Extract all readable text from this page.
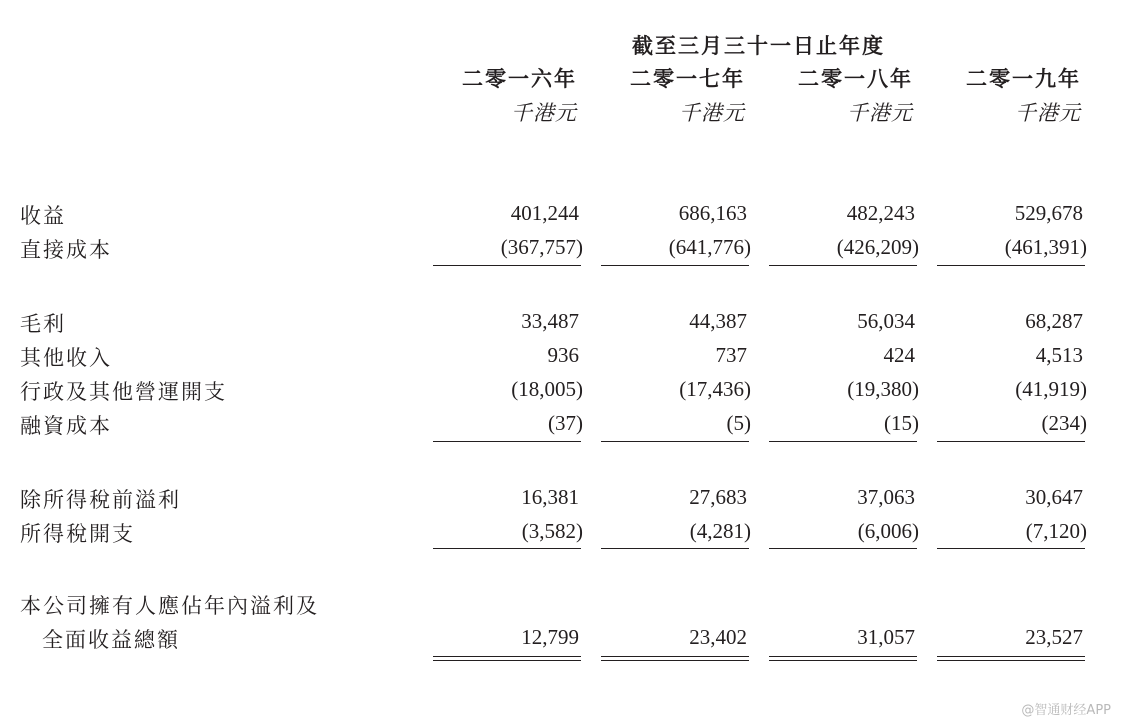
截至三月三十一日止年度
二零一六年	二零一七年	二零一八年	二零一九年
千港元	千港元	千港元	千港元
收益	401,244	686,163	482,243	529,678
直接成本	(367,757)	(641,776)	(426,209)	(461,391)
毛利	33,487	44,387	56,034	68,287
其他收入	936	737	424	4,513
行政及其他營運開支	(18,005)	(17,436)	(19,380)	(41,919)
融資成本	(37)	(5)	(15)	(234)
除所得稅前溢利	16,381	27,683	37,063	30,647
所得稅開支	(3,582)	(4,281)	(6,006)	(7,120)
本公司擁有人應佔年內溢利及
全面收益總額	12,799	23,402	31,057	23,527
@智通财经APP
